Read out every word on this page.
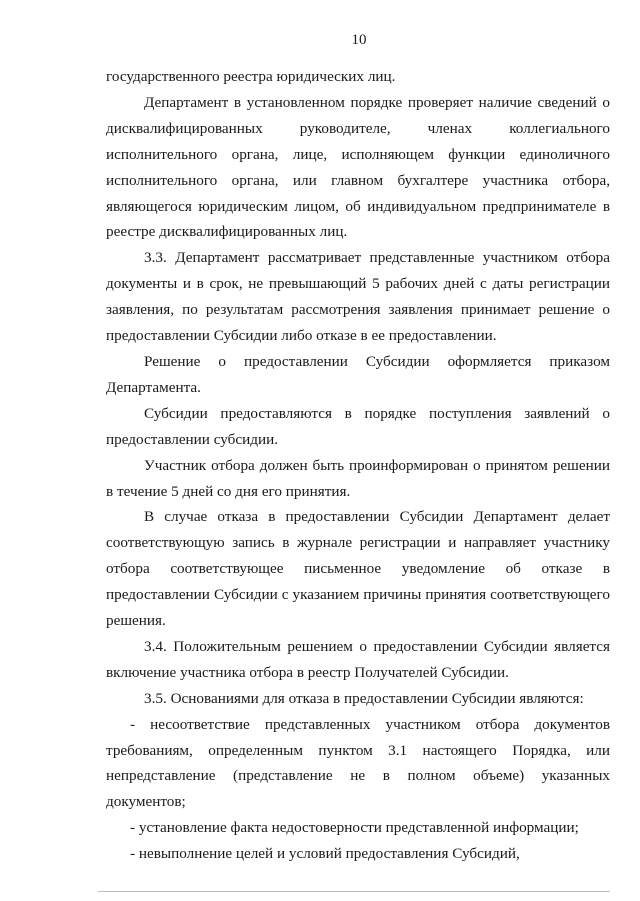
10

государственного реестра юридических лиц.

Департамент в установленном порядке проверяет наличие сведений о дисквалифицированных руководителе, членах коллегиального исполнительного органа, лице, исполняющем функции единоличного исполнительного органа, или главном бухгалтере участника отбора, являющегося юридическим лицом, об индивидуальном предпринимателе в реестре дисквалифицированных лиц.

3.3. Департамент рассматривает представленные участником отбора документы и в срок, не превышающий 5 рабочих дней с даты регистрации заявления, по результатам рассмотрения заявления принимает решение о предоставлении Субсидии либо отказе в ее предоставлении.

Решение о предоставлении Субсидии оформляется приказом Департамента.

Субсидии предоставляются в порядке поступления заявлений о предоставлении субсидии.

Участник отбора должен быть проинформирован о принятом решении в течение 5 дней со дня его принятия.

В случае отказа в предоставлении Субсидии Департамент делает соответствующую запись в журнале регистрации и направляет участнику отбора соответствующее письменное уведомление об отказе в предоставлении Субсидии с указанием причины принятия соответствующего решения.

3.4. Положительным решением о предоставлении Субсидии является включение участника отбора в реестр Получателей Субсидии.

3.5. Основаниями для отказа в предоставлении Субсидии являются:

- несоответствие представленных участником отбора документов требованиям, определенным пунктом 3.1 настоящего Порядка, или непредставление (представление не в полном объеме) указанных документов;

- установление факта недостоверности представленной информации;

- невыполнение целей и условий предоставления Субсидий,
